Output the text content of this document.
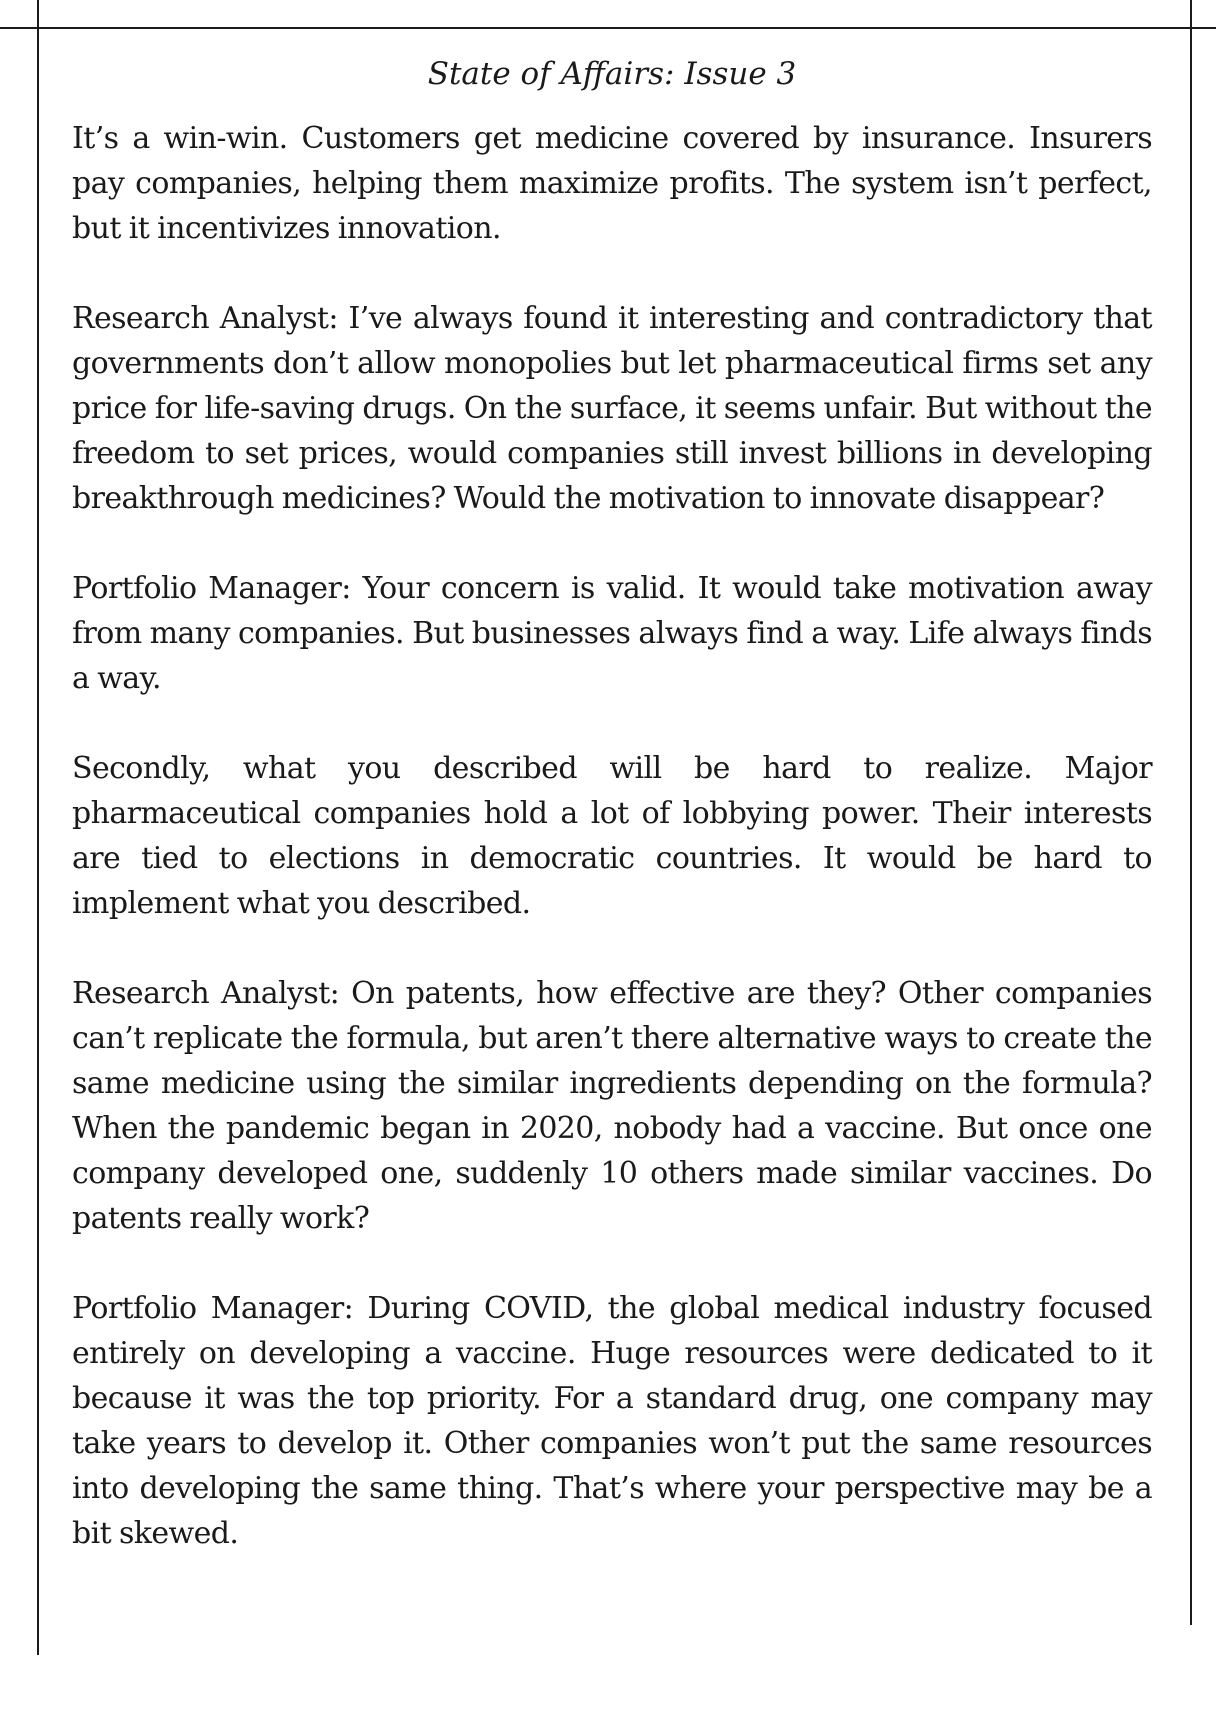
State of Affairs: Issue 3

It’s a win-win. Customers get medicine covered by insurance. Insurers pay companies, helping them maximize profits. The system isn’t perfect, but it incentivizes innovation.

Research Analyst: I’ve always found it interesting and contradictory that governments don’t allow monopolies but let pharmaceutical firms set any price for life-saving drugs. On the surface, it seems unfair. But without the freedom to set prices, would companies still invest billions in developing breakthrough medicines? Would the motivation to innovate disappear?

Portfolio Manager: Your concern is valid. It would take motivation away from many companies. But businesses always find a way. Life always finds a way.

Secondly, what you described will be hard to realize. Major pharmaceutical companies hold a lot of lobbying power. Their interests are tied to elections in democratic countries. It would be hard to implement what you described.

Research Analyst: On patents, how effective are they? Other companies can’t replicate the formula, but aren’t there alternative ways to create the same medicine using the similar ingredients depending on the formula? When the pandemic began in 2020, nobody had a vaccine. But once one company developed one, suddenly 10 others made similar vaccines. Do patents really work?

Portfolio Manager: During COVID, the global medical industry focused entirely on developing a vaccine. Huge resources were dedicated to it because it was the top priority. For a standard drug, one company may take years to develop it. Other companies won’t put the same resources into developing the same thing. That’s where your perspective may be a bit skewed.
